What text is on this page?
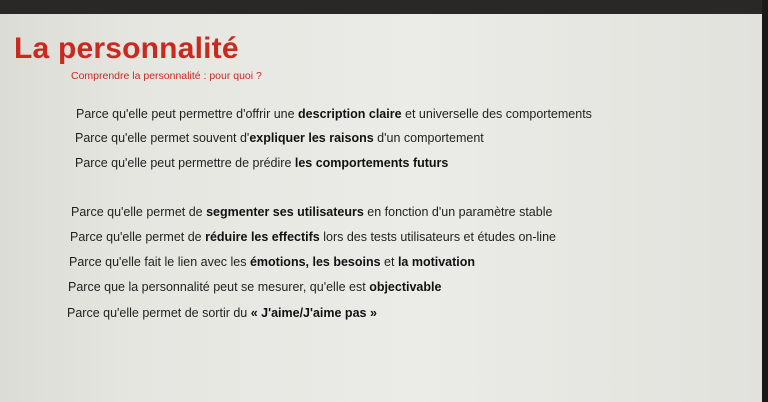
La personnalité

Comprendre la personnalité : pour quoi ?

Parce qu'elle peut permettre d'offrir une description claire et universelle des comportements
Parce qu'elle permet souvent d'expliquer les raisons d'un comportement
Parce qu'elle peut permettre de prédire les comportements futurs
Parce qu'elle permet de segmenter ses utilisateurs en fonction d'un paramètre stable
Parce qu'elle permet de réduire les effectifs lors des tests utilisateurs et études on-line
Parce qu'elle fait le lien avec les émotions, les besoins et la motivation
Parce que la personnalité peut se mesurer, qu'elle est objectivable
Parce qu'elle permet de sortir du « J'aime/J'aime pas »
